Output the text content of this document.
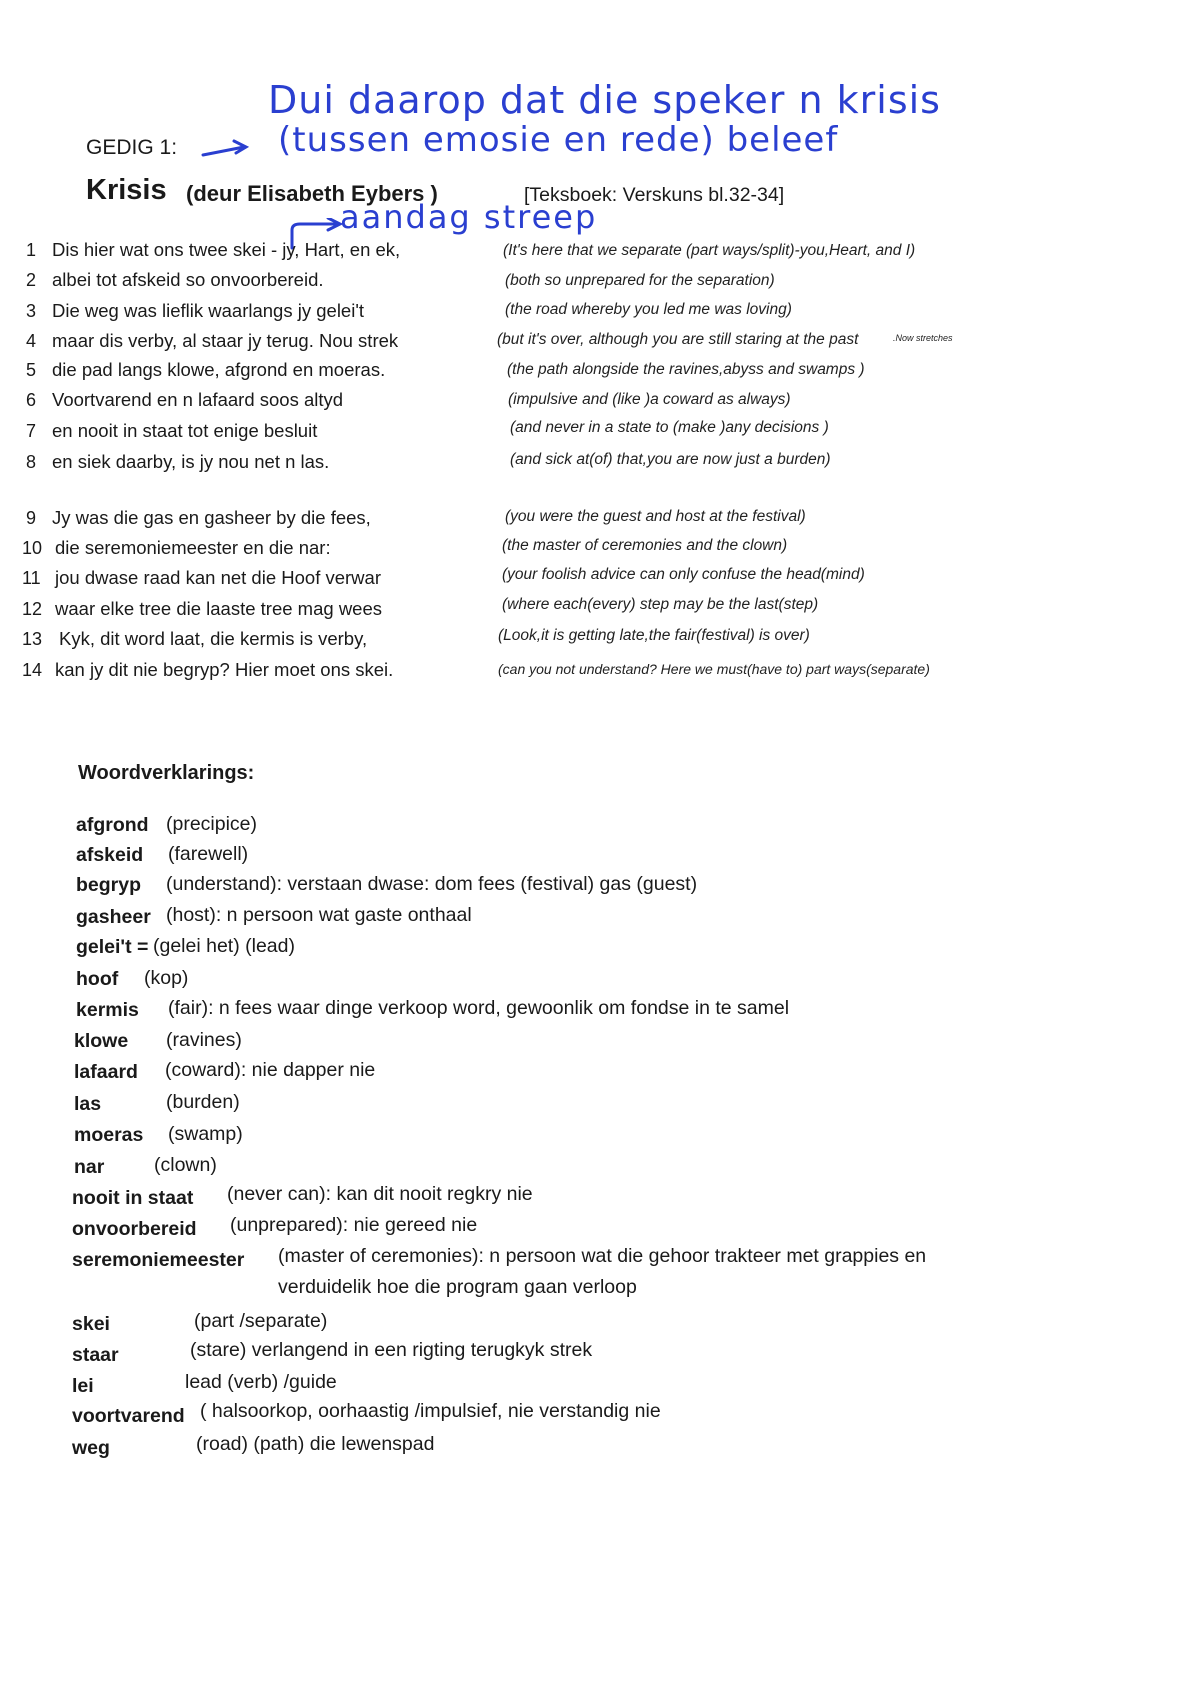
Dui daarop dat die speker n krisis
(tussen emosie en rede) beleef
aandag streep
GEDIG 1:
Krisis (deur Elisabeth Eybers )	[Teksboek: Verskuns bl.32-34]
1 Dis hier wat ons twee skei - jy, Hart, en ek,	(It's here that we separate (part ways/split)-you,Heart, and I)
2 albei tot afskeid so onvoorbereid.	(both so unprepared for the separation)
3 Die weg was lieflik waarlangs jy gelei't	(the road whereby you led me was loving)
4 maar dis verby, al staar jy terug. Nou strek	(but it's over, although you are still staring at the past	.Now stretches
5 die pad langs klowe, afgrond en moeras.	(the path alongside the ravines,abyss and swamps )
6 Voortvarend en n lafaard soos altyd	(impulsive and (like )a coward as always)
7 en nooit in staat tot enige besluit	(and never in a state to (make )any decisions )
8 en siek daarby, is jy nou net n las.	(and sick at(of) that,you are now just a burden)
9 Jy was die gas en gasheer by die fees,	(you were the guest and host at the festival)
10 die seremoniemeester en die nar:	(the master of ceremonies and the clown)
11 jou dwase raad kan net die Hoof verwar	(your foolish advice can only confuse the head(mind)
12 waar elke tree die laaste tree mag wees	(where each(every) step may be the last(step)
13 Kyk, dit word laat, die kermis is verby,	(Look,it is getting late,the fair(festival) is over)
14 kan jy dit nie begryp? Hier moet ons skei.	(can you not understand? Here we must(have to) part ways(separate)
Woordverklarings:
afgrond (precipice)
afskeid (farewell)
begryp (understand): verstaan dwase: dom fees (festival) gas (guest)
gasheer (host): n persoon wat gaste onthaal
gelei't = (gelei het) (lead)
hoof (kop)
kermis (fair): n fees waar dinge verkoop word, gewoonlik om fondse in te samel
klowe (ravines)
lafaard (coward): nie dapper nie
las	(burden)
moeras (swamp)
nar	(clown)
nooit in staat (never can): kan dit nooit regkry nie
onvoorbereid (unprepared): nie gereed nie
seremoniemeester (master of ceremonies): n persoon wat die gehoor trakteer met grappies en
verduidelik hoe die program gaan verloop
skei	(part /separate)
staar	(stare) verlangend in een rigting terugkyk strek
lei	lead (verb) /guide
voortvarend ( halsoorkop, oorhaastig /impulsief, nie verstandig nie
weg	(road) (path) die lewenspad
